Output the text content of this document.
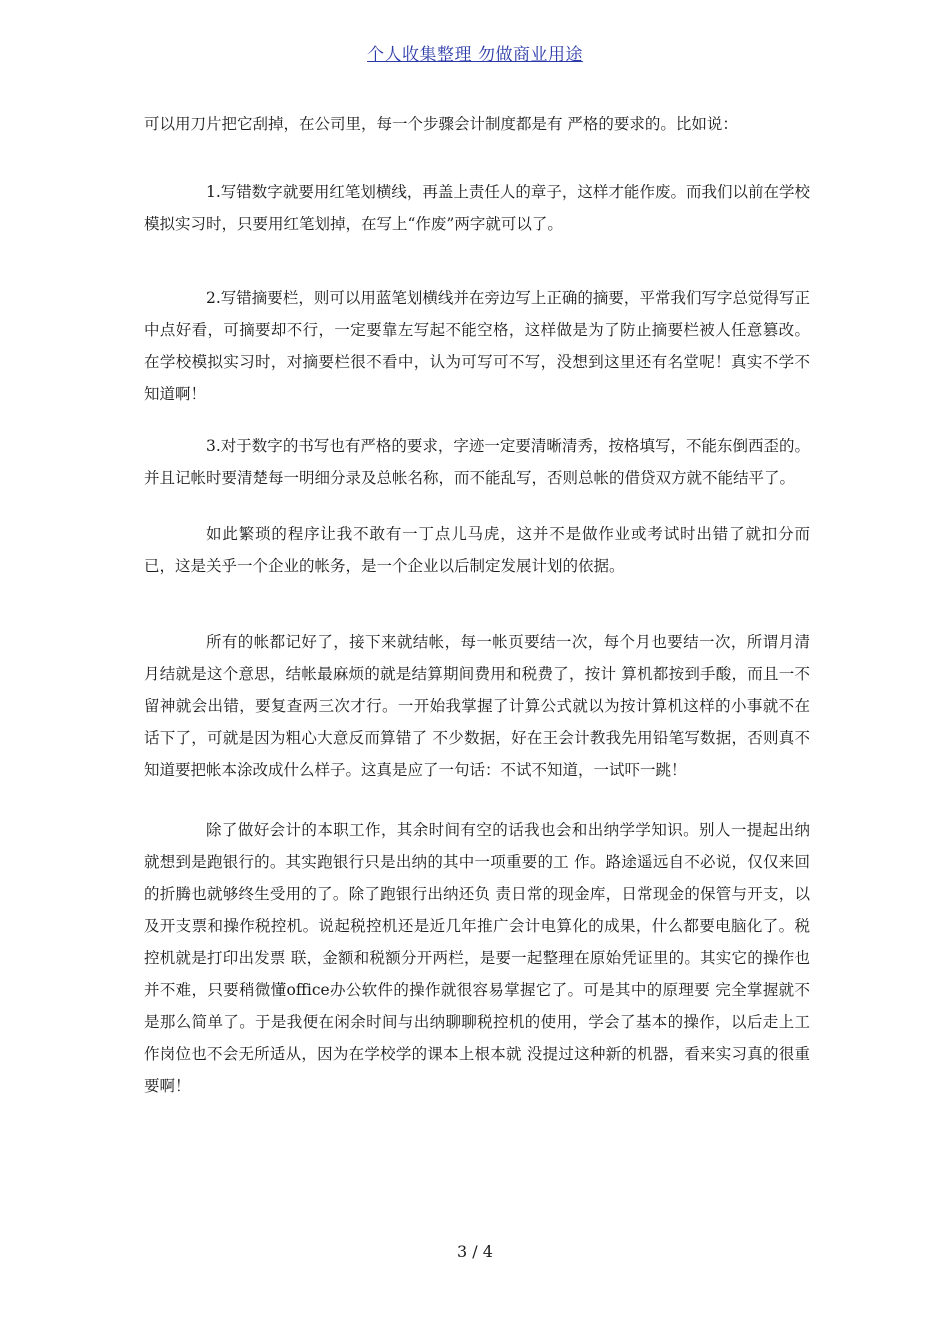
个人收集整理 勿做商业用途

可以用刀片把它刮掉，在公司里，每一个步骤会计制度都是有 严格的要求的。比如说：

1.写错数字就要用红笔划横线，再盖上责任人的章子，这样才能作废。而我们以前在学校模拟实习时，只要用红笔划掉，在写上“作废”两字就可以了。

2.写错摘要栏，则可以用蓝笔划横线并在旁边写上正确的摘要，平常我们写字总觉得写正中点好看，可摘要却不行，一定要靠左写起不能空格，这样做是为了防止摘要栏被人任意篡改。在学校模拟实习时，对摘要栏很不看中，认为可写可不写，没想到这里还有名堂呢！真实不学不知道啊！

3.对于数字的书写也有严格的要求，字迹一定要清晰清秀，按格填写，不能东倒西歪的。并且记帐时要清楚每一明细分录及总帐名称，而不能乱写，否则总帐的借贷双方就不能结平了。

如此繁琐的程序让我不敢有一丁点儿马虎，这并不是做作业或考试时出错了就扣分而已，这是关乎一个企业的帐务，是一个企业以后制定发展计划的依据。

所有的帐都记好了，接下来就结帐，每一帐页要结一次，每个月也要结一次，所谓月清月结就是这个意思，结帐最麻烦的就是结算期间费用和税费了，按计 算机都按到手酸，而且一不留神就会出错，要复查两三次才行。一开始我掌握了计算公式就以为按计算机这样的小事就不在话下了，可就是因为粗心大意反而算错了 不少数据，好在王会计教我先用铅笔写数据，否则真不知道要把帐本涂改成什么样子。这真是应了一句话：不试不知道，一试吓一跳！

除了做好会计的本职工作，其余时间有空的话我也会和出纳学学知识。别人一提起出纳就想到是跑银行的。其实跑银行只是出纳的其中一项重要的工 作。路途遥远自不必说，仅仅来回的折腾也就够终生受用的了。除了跑银行出纳还负 责日常的现金库，日常现金的保管与开支，以及开支票和操作税控机。说起税控机还是近几年推广会计电算化的成果，什么都要电脑化了。税控机就是打印出发票 联，金额和税额分开两栏，是要一起整理在原始凭证里的。其实它的操作也并不难，只要稍微懂office办公软件的操作就很容易掌握它了。可是其中的原理要 完全掌握就不是那么简单了。于是我便在闲余时间与出纳聊聊税控机的使用，学会了基本的操作，以后走上工作岗位也不会无所适从，因为在学校学的课本上根本就 没提过这种新的机器，看来实习真的很重要啊！

3 / 4
